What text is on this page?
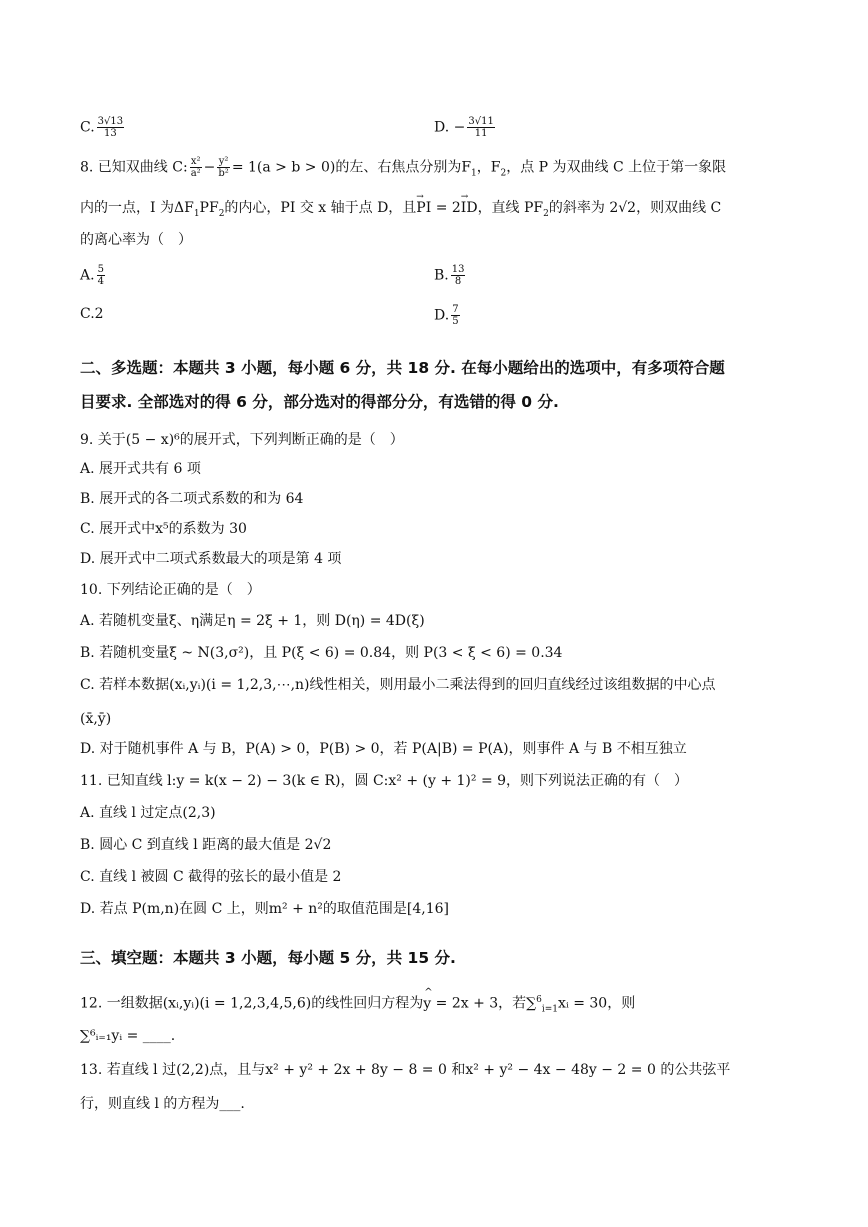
C. $\frac{3√13}{13}$	D. − $\frac{3√11}{11}$
8. 已知双曲线 C: $\frac{\text{x²}}{\text{a²}} - \frac{\text{y²}}{\text{b²}} = 1(a > b > 0)$的左、右焦点分别为$F_1$，$F_2$，点 P 为双曲线 C 上位于第一象限
内的一点，I 为$\Delta F_1PF_2$的内心，PI 交 x 轴于点 D，且→ PI = 2→ ID，直线 $PF_2$的斜率为 2√2，则双曲线 C
的离心率为（　）
A. $\frac{5}{4}$	B. $\frac{13}{8}$
C.2	D. $\frac{7}{5}$
二、多选题：本题共 3 小题，每小题 6 分，共 18 分. 在每小题给出的选项中，有多项符合题
目要求. 全部选对的得 6 分，部分选对的得部分分，有选错的得 0 分.
9. 关于(5 − x)⁶的展开式，下列判断正确的是（　）
A. 展开式共有 6 项
B. 展开式的各二项式系数的和为 64
C. 展开式中x⁵的系数为 30
D. 展开式中二项式系数最大的项是第 4 项
10. 下列结论正确的是（　）
A. 若随机变量ξ、η满足η = 2ξ + 1，则 D(η) = 4D(ξ)
B. 若随机变量ξ ~ N(3,σ²)，且 P(ξ < 6) = 0.84，则 P(3 < ξ < 6) = 0.34
C. 若样本数据(xᵢ,yᵢ)(i = 1,2,3,⋯,n)线性相关，则用最小二乘法得到的回归直线经过该组数据的中心点
(x̄,ȳ)
D. 对于随机事件 A 与 B，P(A) > 0，P(B) > 0，若 P(A|B) = P(A)，则事件 A 与 B 不相互独立
11. 已知直线 l:y = k(x − 2) − 3(k ∈ R)，圆 C:x² + (y + 1)² = 9，则下列说法正确的有（　）
A. 直线 l 过定点(2,3)
B. 圆心 C 到直线 l 距离的最大值是 2√2
C. 直线 l 被圆 C 截得的弦长的最小值是 2
D. 若点 P(m,n)在圆 C 上，则m² + n²的取值范围是[4,16]
三、填空题：本题共 3 小题，每小题 5 分，共 15 分.
12. 一组数据(xᵢ,yᵢ)(i = 1,2,3,4,5,6)的线性回归方程为^ y = 2x + 3，若∑$^6_{i=1}$xᵢ = 30，则
∑⁶ᵢ₌₁yᵢ = ____.
13. 若直线 l 过(2,2)点，且与x² + y² + 2x + 8y − 8 = 0 和x² + y² − 4x − 48y − 2 = 0 的公共弦平
行，则直线 l 的方程为___.
